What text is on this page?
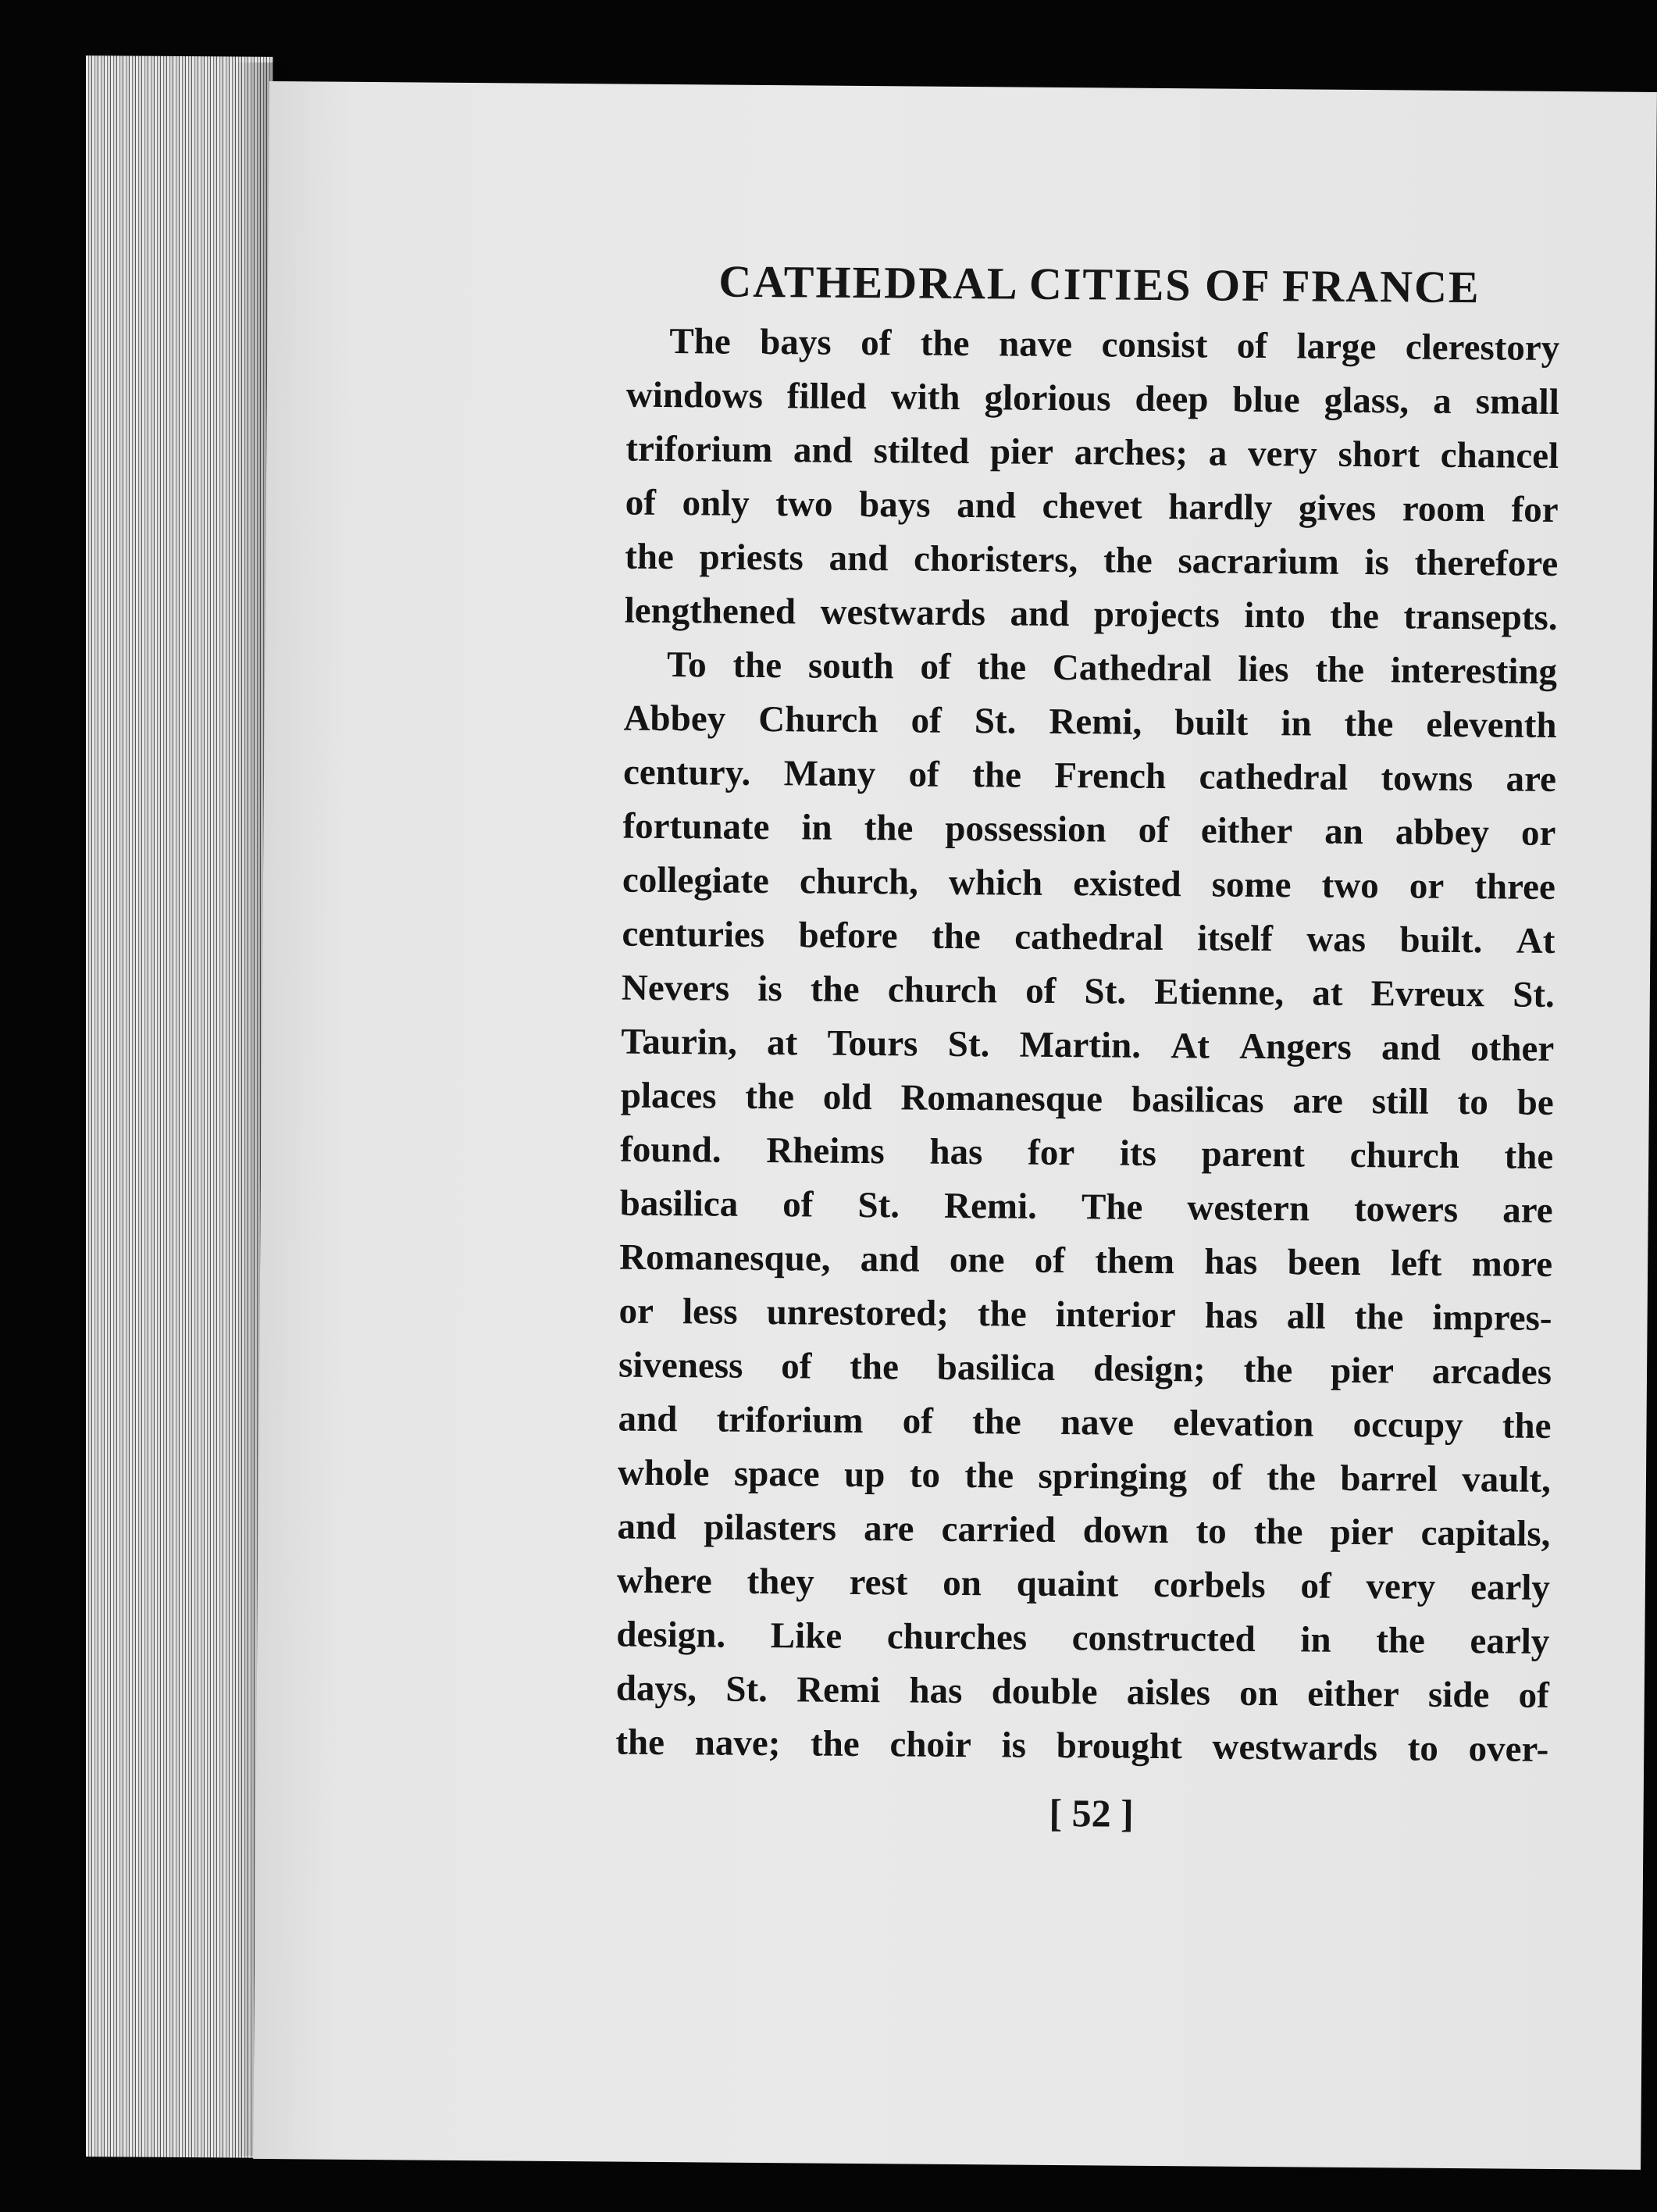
CATHEDRAL CITIES OF FRANCE
The bays of the nave consist of large clerestory
windows filled with glorious deep blue glass, a small
triforium and stilted pier arches; a very short chancel
of only two bays and chevet hardly gives room for
the priests and choristers, the sacrarium is therefore
lengthened westwards and projects into the transepts.
To the south of the Cathedral lies the interesting
Abbey Church of St. Remi, built in the eleventh
century. Many of the French cathedral towns are
fortunate in the possession of either an abbey or
collegiate church, which existed some two or three
centuries before the cathedral itself was built. At
Nevers is the church of St. Etienne, at Evreux St.
Taurin, at Tours St. Martin. At Angers and other
places the old Romanesque basilicas are still to be
found. Rheims has for its parent church the
basilica of St. Remi. The western towers are
Romanesque, and one of them has been left more
or less unrestored; the interior has all the impres-
siveness of the basilica design; the pier arcades
and triforium of the nave elevation occupy the
whole space up to the springing of the barrel vault,
and pilasters are carried down to the pier capitals,
where they rest on quaint corbels of very early
design. Like churches constructed in the early
days, St. Remi has double aisles on either side of
the nave; the choir is brought westwards to over-
[ 52 ]
